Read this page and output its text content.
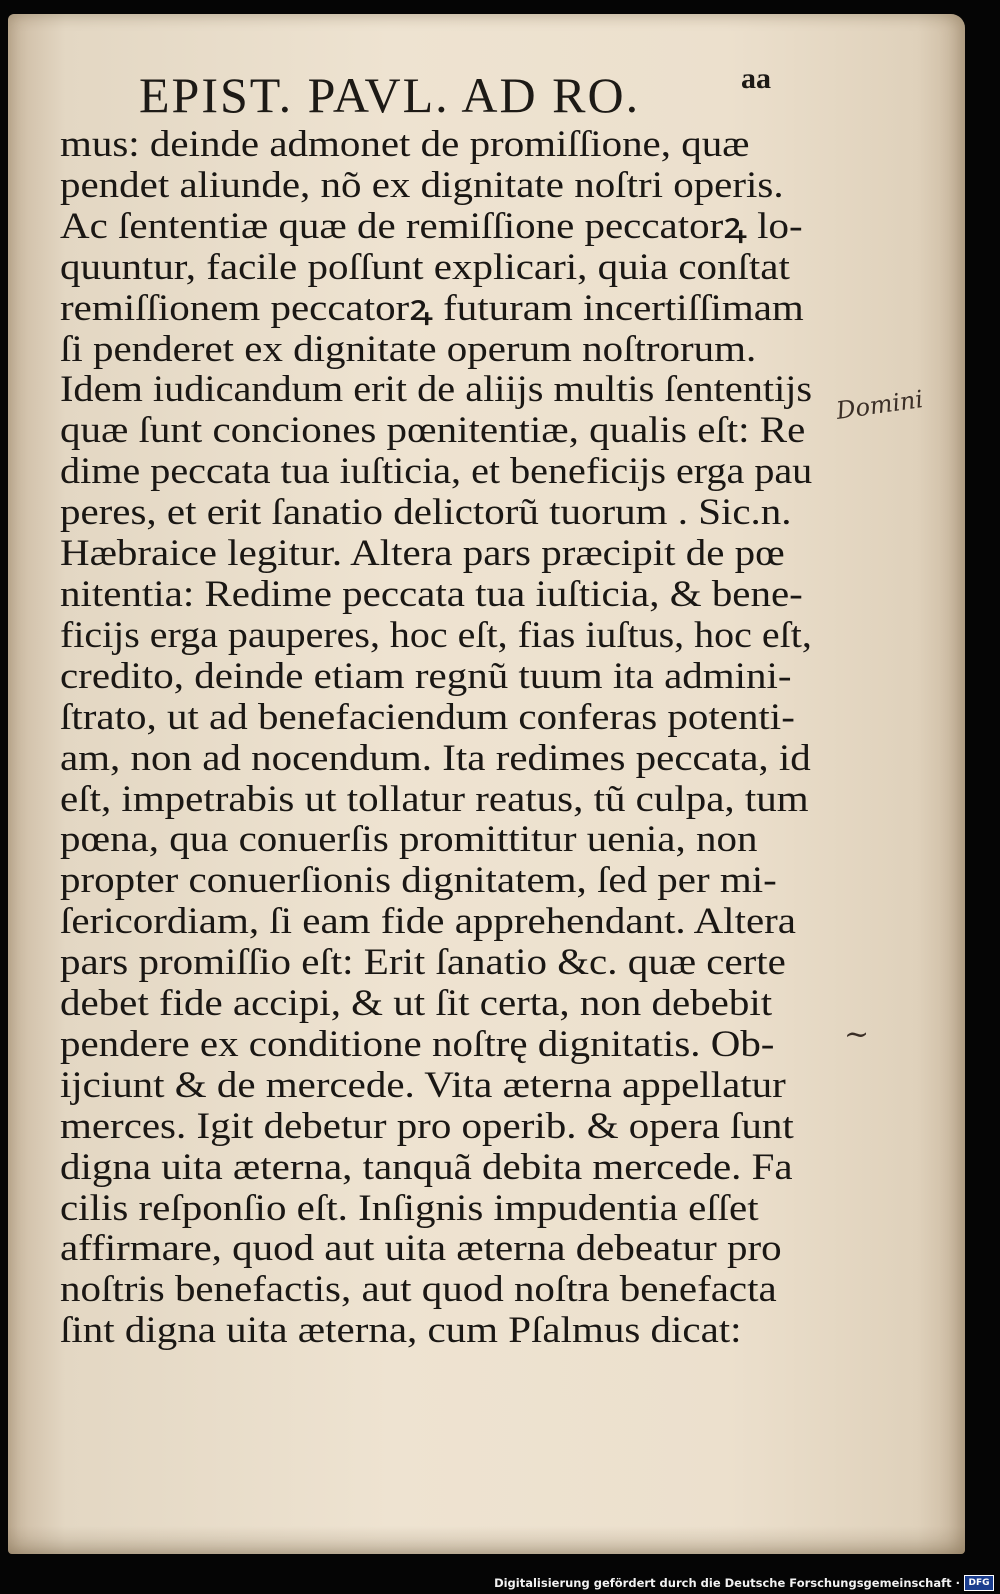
EPIST. PAVL. AD RO.	aa
mus: deinde admonet de promiſſione, quæ
pendet aliunde, nõ ex dignitate noſtri operis.
Ac ſententiæ quæ de remiſſione peccatorꝝ lo-
quuntur, facile poſſunt explicari, quia conſtat
remiſſionem peccatorꝝ futuram incertiſſimam
ſi penderet ex dignitate operum noſtrorum.
Idem iudicandum erit de aliĳs multis ſententĳs
quæ ſunt conciones pœnitentiæ, qualis eſt: Re
dime peccata tua iuſticia, et beneficĳs erga pau
peres, et erit ſanatio delictorũ tuorum . Sic.n.
Hæbraice legitur. Altera pars præcipit de pœ
nitentia: Redime peccata tua iuſticia, & bene-
ficĳs erga pauperes, hoc eſt, fias iuſtus, hoc eſt,
credito, deinde etiam regnũ tuum ita admini-
ſtrato, ut ad benefaciendum conferas potenti-
am, non ad nocendum. Ita redimes peccata, id
eſt, impetrabis ut tollatur reatus, tũ culpa, tum
pœna, qua conuerſis promittitur uenia, non
propter conuerſionis dignitatem, ſed per mi-
ſericordiam, ſi eam fide apprehendant. Altera
pars promiſſio eſt: Erit ſanatio &c. quæ certe
debet fide accipi, & ut ſit certa, non debebit
pendere ex conditione noſtrę dignitatis. Ob-
ĳciunt & de mercede. Vita æterna appellatur
merces. Igit debetur pro operib. & opera ſunt
digna uita æterna, tanquã debita mercede. Fa
cilis reſponſio eſt. Inſignis impudentia eſſet
affirmare, quod aut uita æterna debeatur pro
noſtris benefactis, aut quod noſtra benefacta
ſint digna uita æterna, cum Pſalmus dicat:
Domini
~
Digitalisierung gefördert durch die Deutsche Forschungsgemeinschaft · DFG
